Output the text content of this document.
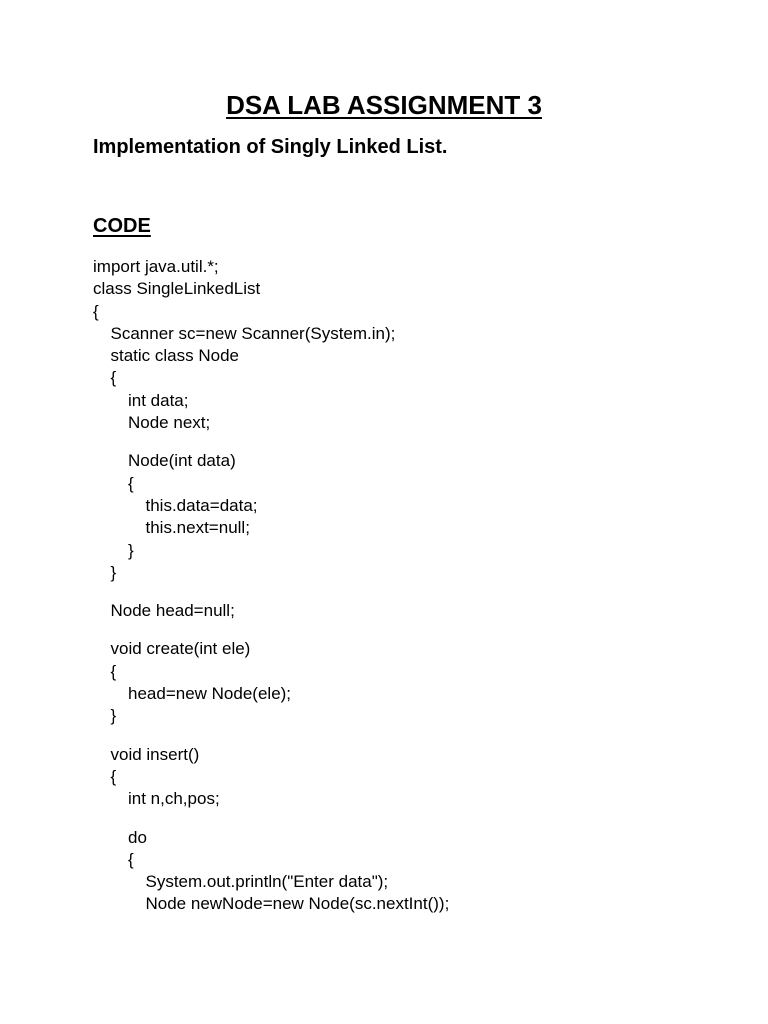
DSA LAB ASSIGNMENT 3
Implementation of Singly Linked List.
CODE
import java.util.*;
class SingleLinkedList
{
Scanner sc=new Scanner(System.in);
static class Node
{
int data;
Node next;
Node(int data)
{
this.data=data;
this.next=null;
}
}
Node head=null;
void create(int ele)
{
head=new Node(ele);
}
void insert()
{
int n,ch,pos;
do
{
System.out.println("Enter data");
Node newNode=new Node(sc.nextInt());
